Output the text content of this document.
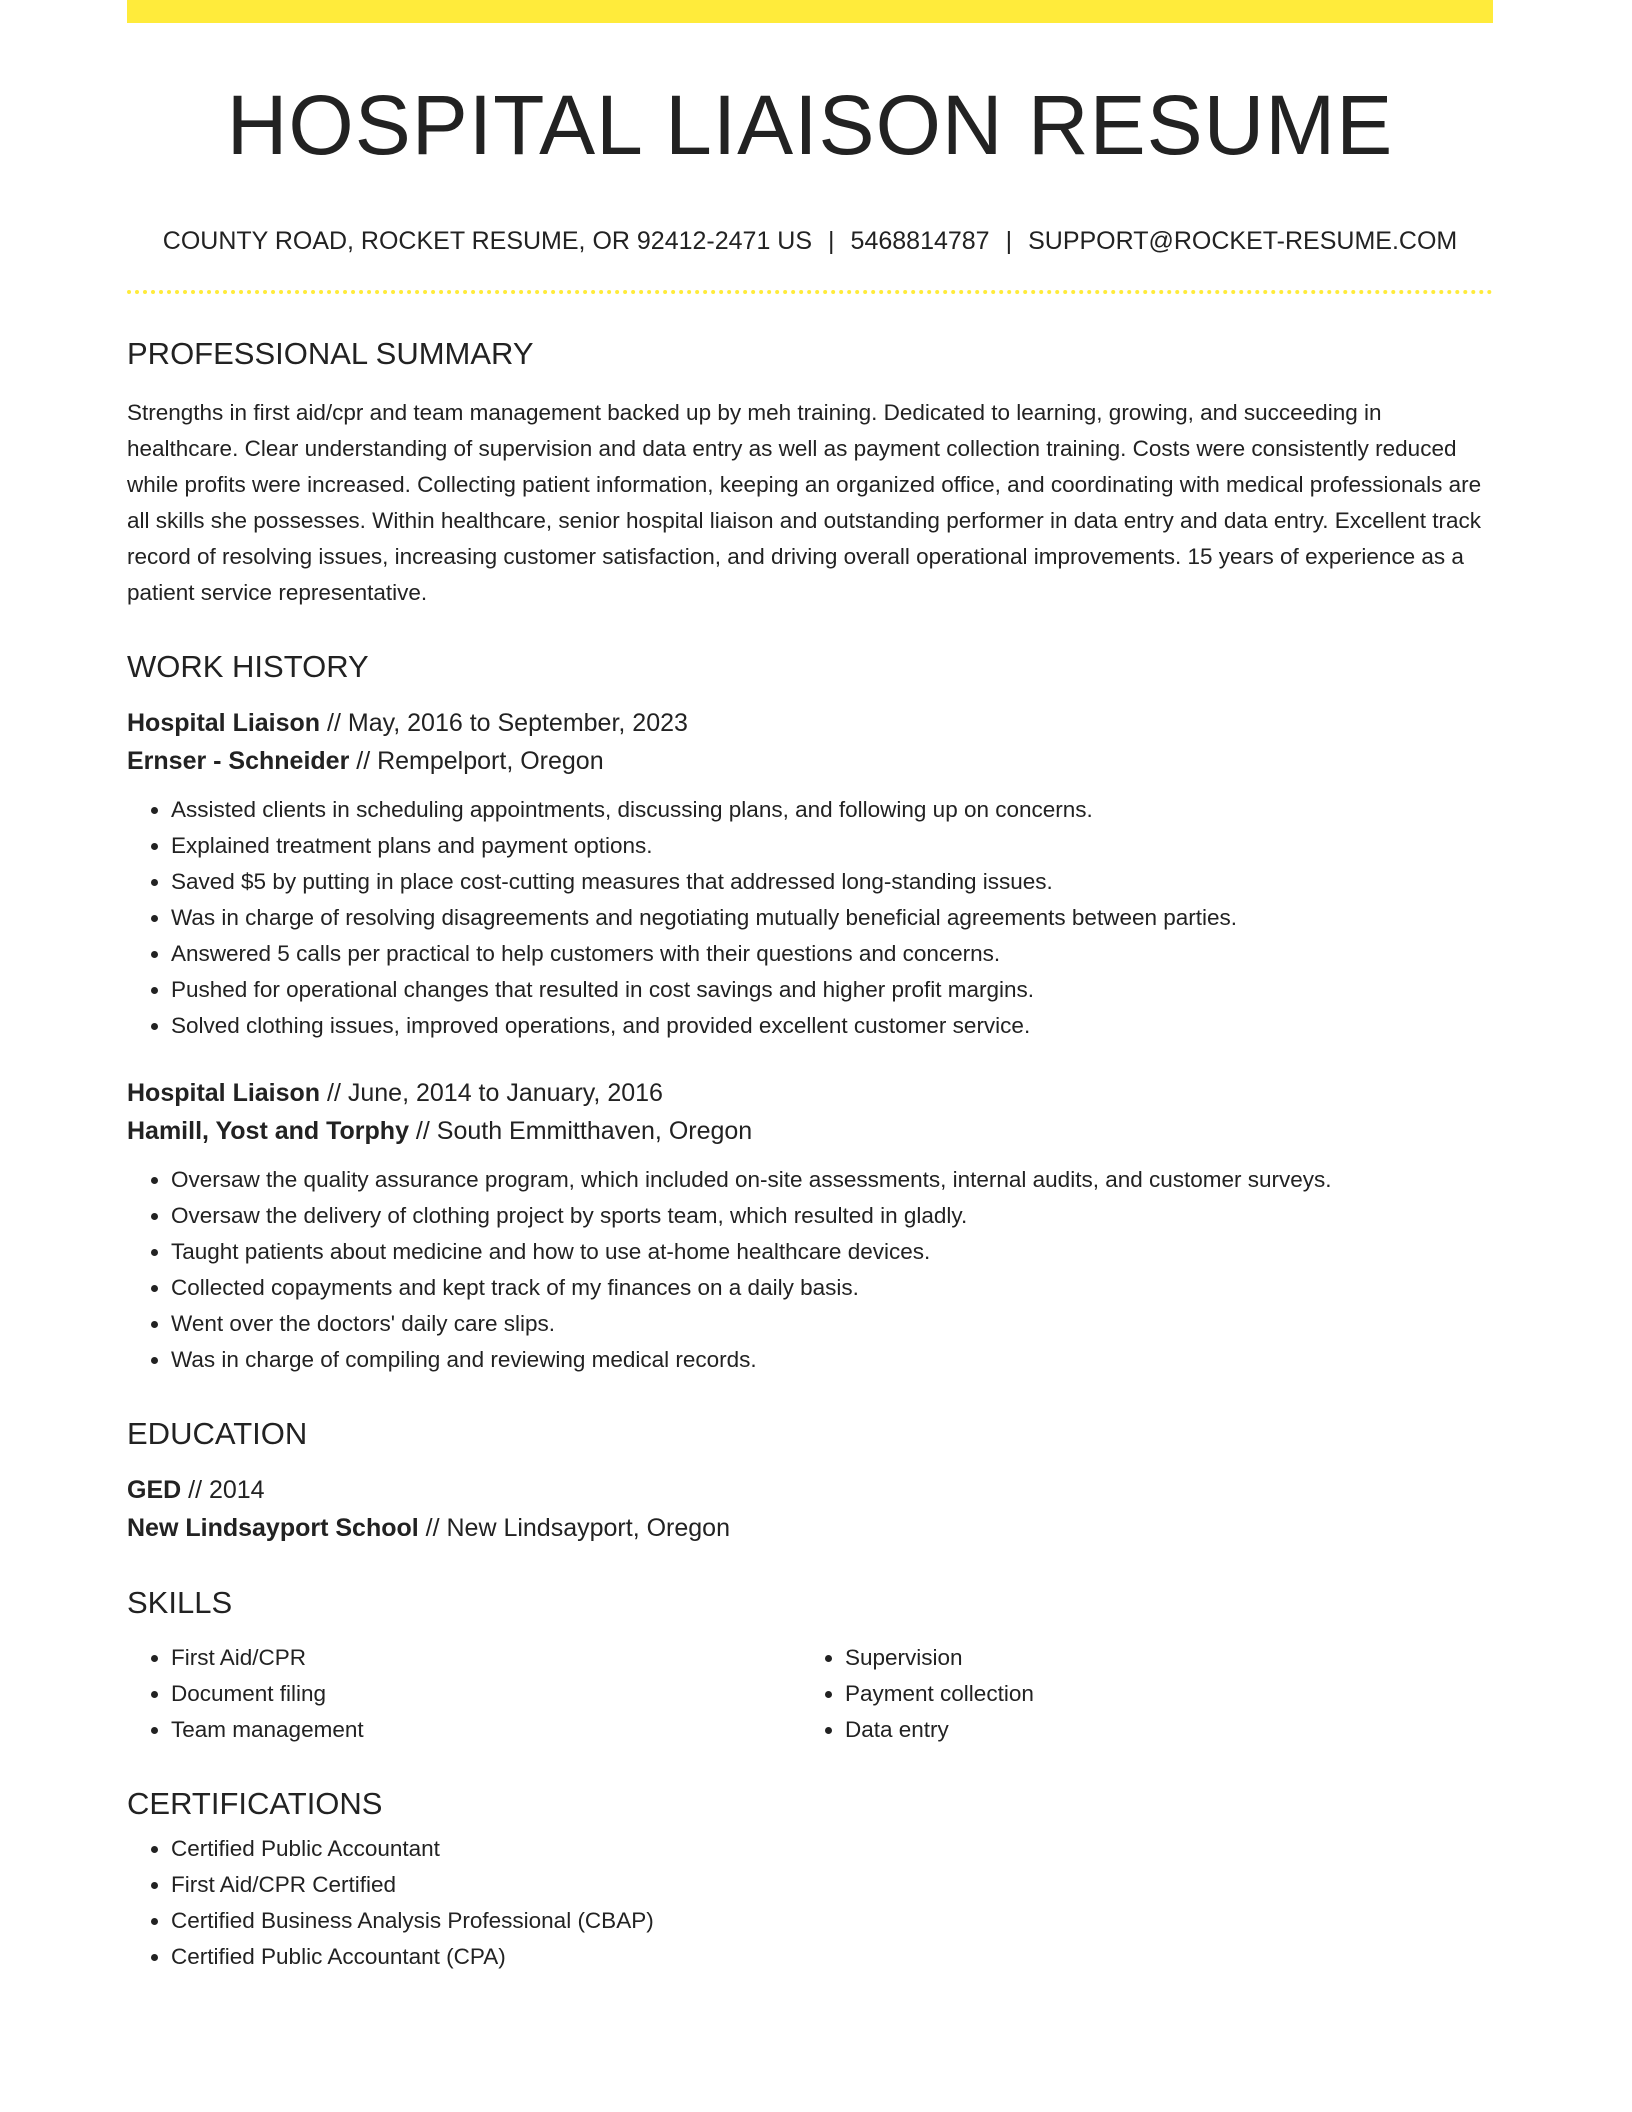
HOSPITAL LIAISON RESUME
COUNTY ROAD, ROCKET RESUME, OR 92412-2471 US | 5468814787 | SUPPORT@ROCKET-RESUME.COM
PROFESSIONAL SUMMARY

Strengths in first aid/cpr and team management backed up by meh training. Dedicated to learning, growing, and succeeding in healthcare. Clear understanding of supervision and data entry as well as payment collection training. Costs were consistently reduced while profits were increased. Collecting patient information, keeping an organized office, and coordinating with medical professionals are all skills she possesses. Within healthcare, senior hospital liaison and outstanding performer in data entry and data entry. Excellent track record of resolving issues, increasing customer satisfaction, and driving overall operational improvements. 15 years of experience as a patient service representative.

WORK HISTORY
Hospital Liaison // May, 2016 to September, 2023
Ernser - Schneider // Rempelport, Oregon
• Assisted clients in scheduling appointments, discussing plans, and following up on concerns.
• Explained treatment plans and payment options.
• Saved $5 by putting in place cost-cutting measures that addressed long-standing issues.
• Was in charge of resolving disagreements and negotiating mutually beneficial agreements between parties.
• Answered 5 calls per practical to help customers with their questions and concerns.
• Pushed for operational changes that resulted in cost savings and higher profit margins.
• Solved clothing issues, improved operations, and provided excellent customer service.
Hospital Liaison // June, 2014 to January, 2016
Hamill, Yost and Torphy // South Emmitthaven, Oregon
• Oversaw the quality assurance program, which included on-site assessments, internal audits, and customer surveys.
• Oversaw the delivery of clothing project by sports team, which resulted in gladly.
• Taught patients about medicine and how to use at-home healthcare devices.
• Collected copayments and kept track of my finances on a daily basis.
• Went over the doctors' daily care slips.
• Was in charge of compiling and reviewing medical records.
EDUCATION
GED // 2014
New Lindsayport School // New Lindsayport, Oregon
SKILLS
• First Aid/CPR
• Document filing
• Team management
• Supervision
• Payment collection
• Data entry
CERTIFICATIONS
• Certified Public Accountant
• First Aid/CPR Certified
• Certified Business Analysis Professional (CBAP)
• Certified Public Accountant (CPA)
